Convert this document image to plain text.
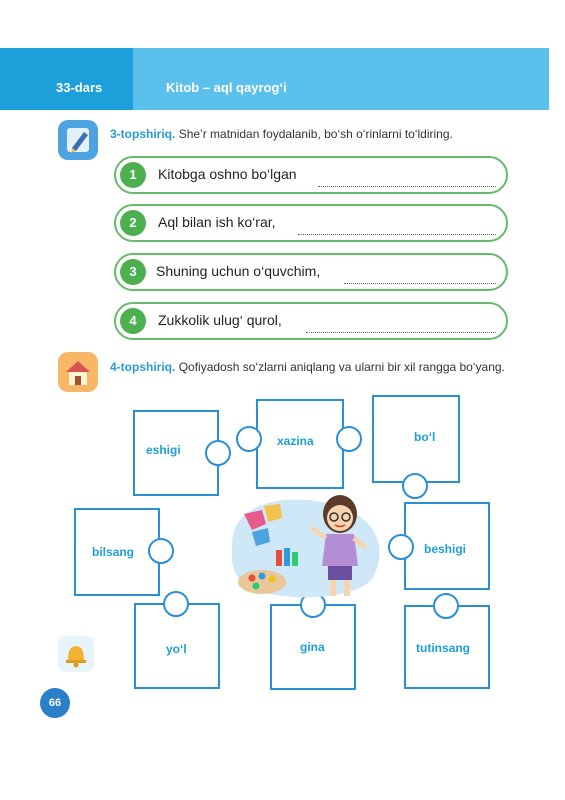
33-dars	Kitob – aql qayrog‘i
3-topshiriq. She’r matnidan foydalanib, bo‘sh o‘rinlarni to‘ldiring.
1	Kitobga oshno bo‘lgan
2	Aql bilan ish ko‘rar,
3	Shuning uchun o‘quvchim,
4	Zukkolik ulug‘ qurol,
4-topshiriq. Qofiyadosh so‘zlarni aniqlang va ularni bir xil rangga bo‘yang.
eshigi
xazina	bo‘l
bilsang	beshigi
yo‘l	gina	tutinsang
66
